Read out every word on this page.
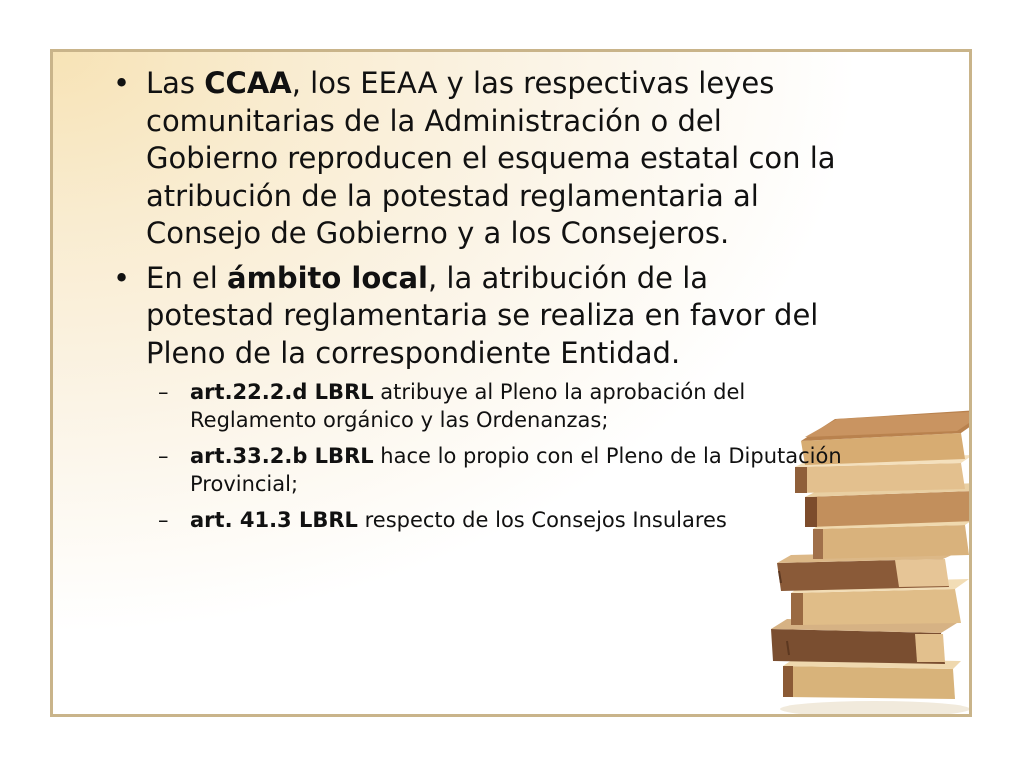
• Las CCAA, los EEAA y las respectivas leyes comunitarias de la Administración o del Gobierno reproducen el esquema estatal con la atribución de la potestad reglamentaria al Consejo de Gobierno y a los Consejeros.
• En el ámbito local, la atribución de la potestad reglamentaria se realiza en favor del Pleno de la correspondiente Entidad.
– art.22.2.d LBRL atribuye al Pleno la aprobación del Reglamento orgánico y las Ordenanzas;
– art.33.2.b LBRL hace lo propio con el Pleno de la Diputación Provincial;
– art. 41.3 LBRL respecto de los Consejos Insulares
